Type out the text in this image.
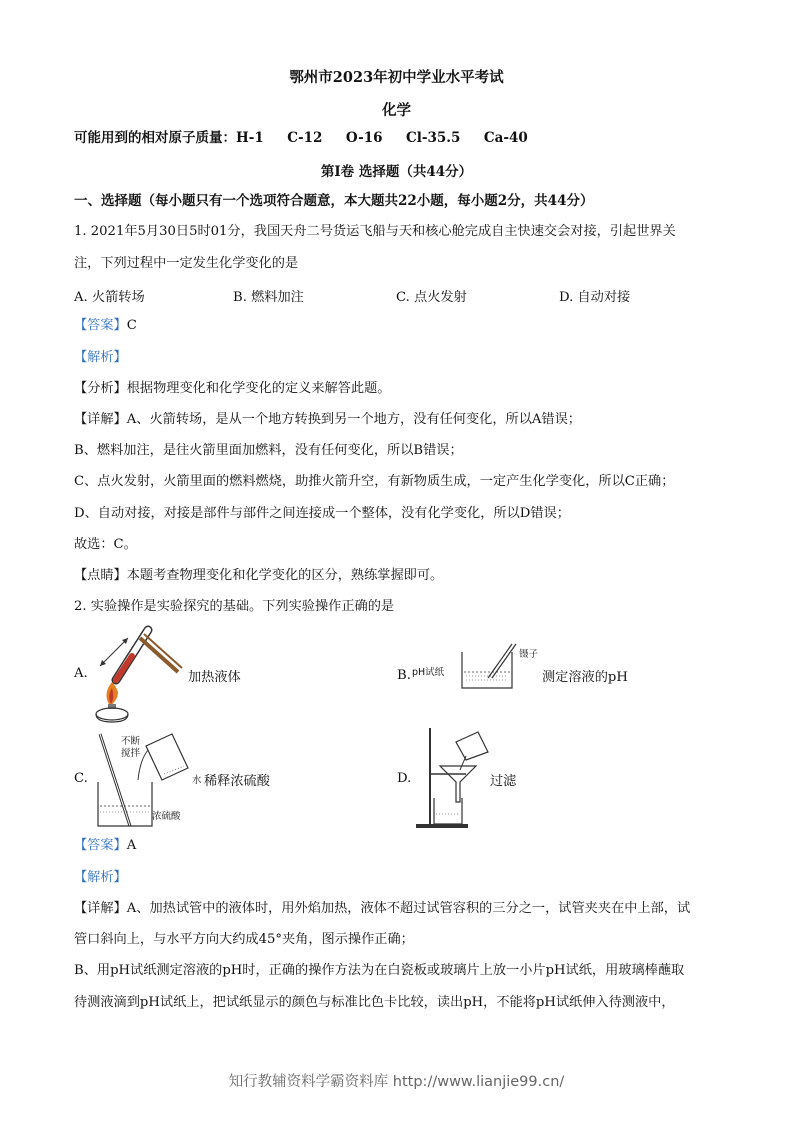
鄂州市2023年初中学业水平考试
化学
可能用到的相对原子质量：H-1     C-12     O-16     Cl-35.5     Ca-40
第Ⅰ卷 选择题（共44分）
一、选择题（每小题只有一个选项符合题意，本大题共22小题，每小题2分，共44分）
1. 2021年5月30日5时01分，我国天舟二号货运飞船与天和核心舱完成自主快速交会对接，引起世界关
注，下列过程中一定发生化学变化的是
A. 火箭转场	B. 燃料加注	C. 点火发射	D. 自动对接
【答案】C
【解析】
【分析】根据物理变化和化学变化的定义来解答此题。
【详解】A、火箭转场，是从一个地方转换到另一个地方，没有任何变化，所以A错误；
B、燃料加注，是往火箭里面加燃料，没有任何变化，所以B错误；
C、点火发射，火箭里面的燃料燃烧，助推火箭升空，有新物质生成，一定产生化学变化，所以C正确；
D、自动对接，对接是部件与部件之间连接成一个整体，没有化学变化，所以D错误；
故选：C。
【点睛】本题考查物理变化和化学变化的区分，熟练掌握即可。
2. 实验操作是实验探究的基础。下列实验操作正确的是
A.	加热液体	B. pH试纸
镊子
测定溶液的pH
C.
不断
搅拌
水 稀释浓硫酸
浓硫酸
D.	过滤
【答案】A
【解析】
【详解】A、加热试管中的液体时，用外焰加热，液体不超过试管容积的三分之一，试管夹夹在中上部，试
管口斜向上，与水平方向大约成45°夹角，图示操作正确；
B、用pH试纸测定溶液的pH时，正确的操作方法为在白瓷板或玻璃片上放一小片pH试纸，用玻璃棒蘸取
待测液滴到pH试纸上，把试纸显示的颜色与标准比色卡比较，读出pH，不能将pH试纸伸入待测液中，
知行教辅资料学霸资料库 http://www.lianjie99.cn/
